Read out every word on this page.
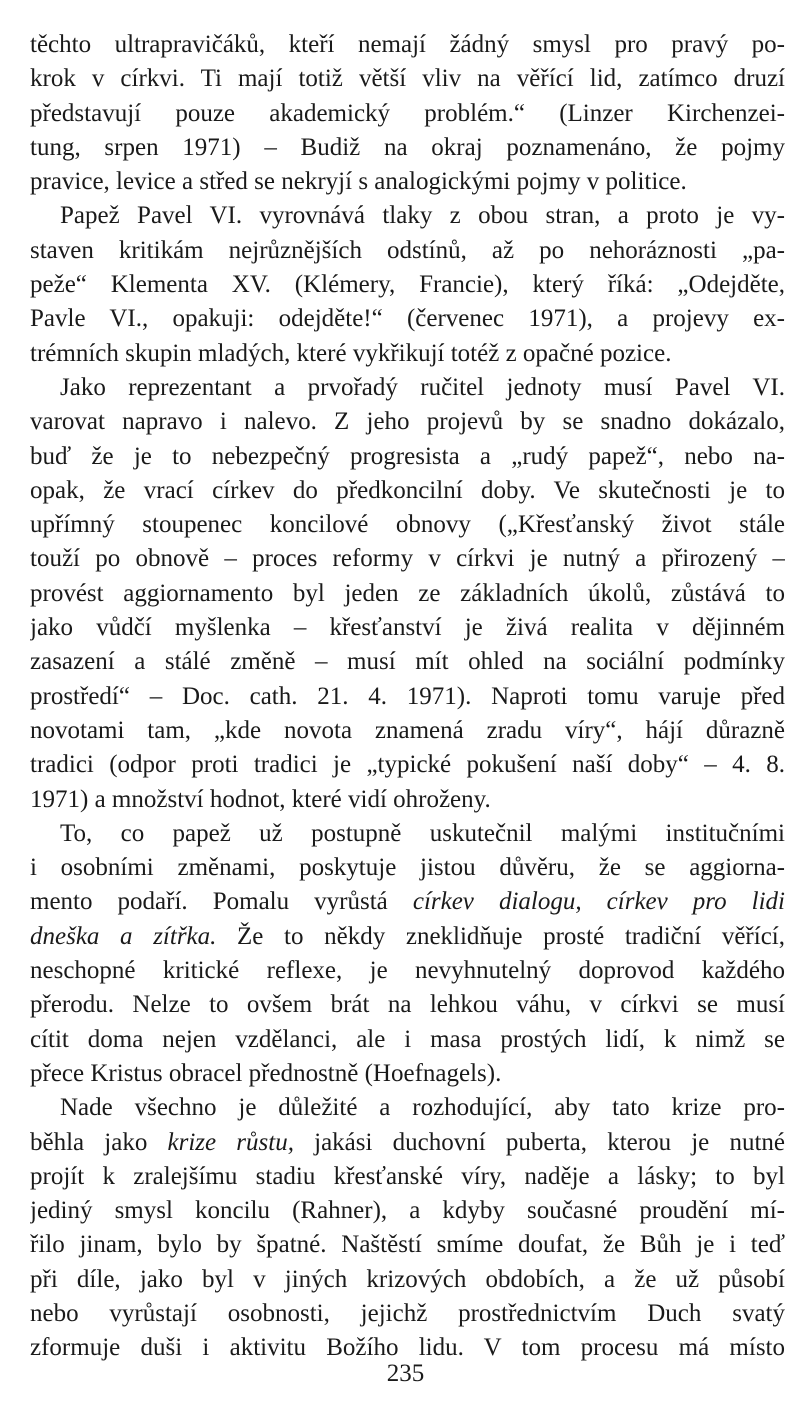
těchto ultrapravičáků, kteří nemají žádný smysl pro pravý po-
krok v církvi. Ti mají totiž větší vliv na věřící lid, zatímco druzí
představují pouze akademický problém.“ (Linzer Kirchenzei-
tung, srpen 1971) – Budiž na okraj poznamenáno, že pojmy
pravice, levice a střed se nekryjí s analogickými pojmy v politice.
Papež Pavel VI. vyrovnává tlaky z obou stran, a proto je vy-
staven kritikám nejrůznějších odstínů, až po nehoráznosti „pa-
peže“ Klementa XV. (Klémery, Francie), který říká: „Odejděte,
Pavle VI., opakuji: odejděte!“ (červenec 1971), a projevy ex-
trémních skupin mladých, které vykřikují totéž z opačné pozice.
Jako reprezentant a prvořadý ručitel jednoty musí Pavel VI.
varovat napravo i nalevo. Z jeho projevů by se snadno dokázalo,
buď že je to nebezpečný progresista a „rudý papež“, nebo na-
opak, že vrací církev do předkoncilní doby. Ve skutečnosti je to
upřímný stoupenec koncilové obnovy („Křesťanský život stále
touží po obnově – proces reformy v církvi je nutný a přirozený –
provést aggiornamento byl jeden ze základních úkolů, zůstává to
jako vůdčí myšlenka – křesťanství je živá realita v dějinném
zasazení a stálé změně – musí mít ohled na sociální podmínky
prostředí“ – Doc. cath. 21. 4. 1971). Naproti tomu varuje před
novotami tam, „kde novota znamená zradu víry“, hájí důrazně
tradici (odpor proti tradici je „typické pokušení naší doby“ – 4. 8.
1971) a množství hodnot, které vidí ohroženy.
To, co papež už postupně uskutečnil malými institučními
i osobními změnami, poskytuje jistou důvěru, že se aggiorna-
mento podaří. Pomalu vyrůstá církev dialogu, církev pro lidi
dneška a zítřka. Že to někdy zneklidňuje prosté tradiční věřící,
neschopné kritické reflexe, je nevyhnutelný doprovod každého
přerodu. Nelze to ovšem brát na lehkou váhu, v církvi se musí
cítit doma nejen vzdělanci, ale i masa prostých lidí, k nimž se
přece Kristus obracel přednostně (Hoefnagels).
Nade všechno je důležité a rozhodující, aby tato krize pro-
běhla jako krize růstu, jakási duchovní puberta, kterou je nutné
projít k zralejšímu stadiu křesťanské víry, naděje a lásky; to byl
jediný smysl koncilu (Rahner), a kdyby současné proudění mí-
řilo jinam, bylo by špatné. Naštěstí smíme doufat, že Bůh je i teď
při díle, jako byl v jiných krizových obdobích, a že už působí
nebo vyrůstají osobnosti, jejichž prostřednictvím Duch svatý
zformuje duši i aktivitu Božího lidu. V tom procesu má místo
235
